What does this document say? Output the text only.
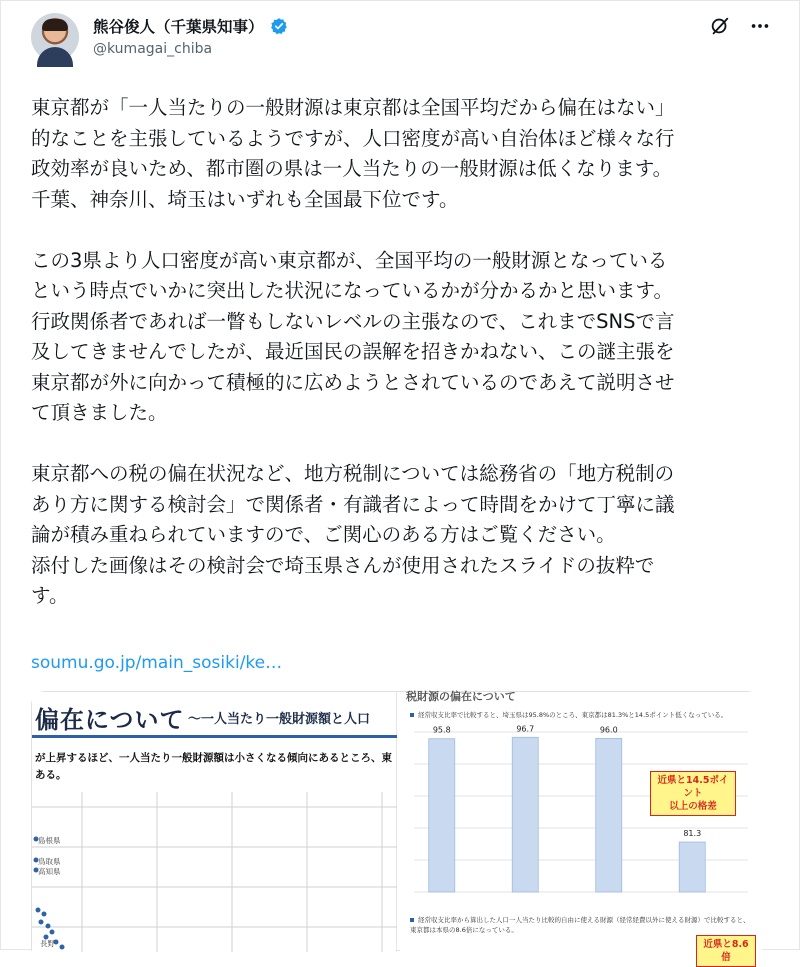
熊谷俊人（千葉県知事）
@kumagai_chiba

東京都が「一人当たりの一般財源は東京都は全国平均だから偏在はない」
的なことを主張しているようですが、人口密度が高い自治体ほど様々な行
政効率が良いため、都市圏の県は一人当たりの一般財源は低くなります。
千葉、神奈川、埼玉はいずれも全国最下位です。

この3県より人口密度が高い東京都が、全国平均の一般財源となっている
という時点でいかに突出した状況になっているかが分かるかと思います。
行政関係者であれば一瞥もしないレベルの主張なので、これまでSNSで言
及してきませんでしたが、最近国民の誤解を招きかねない、この謎主張を
東京都が外に向かって積極的に広めようとされているのであえて説明させ
て頂きました。

東京都への税の偏在状況など、地方税制については総務省の「地方税制の
あり方に関する検討会」で関係者・有識者によって時間をかけて丁寧に議
論が積み重ねられていますので、ご関心のある方はご覧ください。
添付した画像はその検討会で埼玉県さんが使用されたスライドの抜粋で
す。

soumu.go.jp/main_sosiki/ke…
偏在について ～一人当たり一般財源額と人口
が上昇するほど、一人当たり一般財源額は小さくなる傾向にあるところ、東
ある。
島根県
鳥取県
高知県
長野
税財源の偏在について
経常収支比率で比較すると、埼玉県は95.8%のところ、東京都は81.3%と14.5ポイント低くなっている。
95.8	96.7	96.0
81.3
近県と14.5ポイント
以上の格差
経常収支比率から算出した人口一人当たり比較的自由に使える財源（経常経費以外に使える財源）で比較すると、東京都は本県の8.6倍になっている。
近県と8.6倍
